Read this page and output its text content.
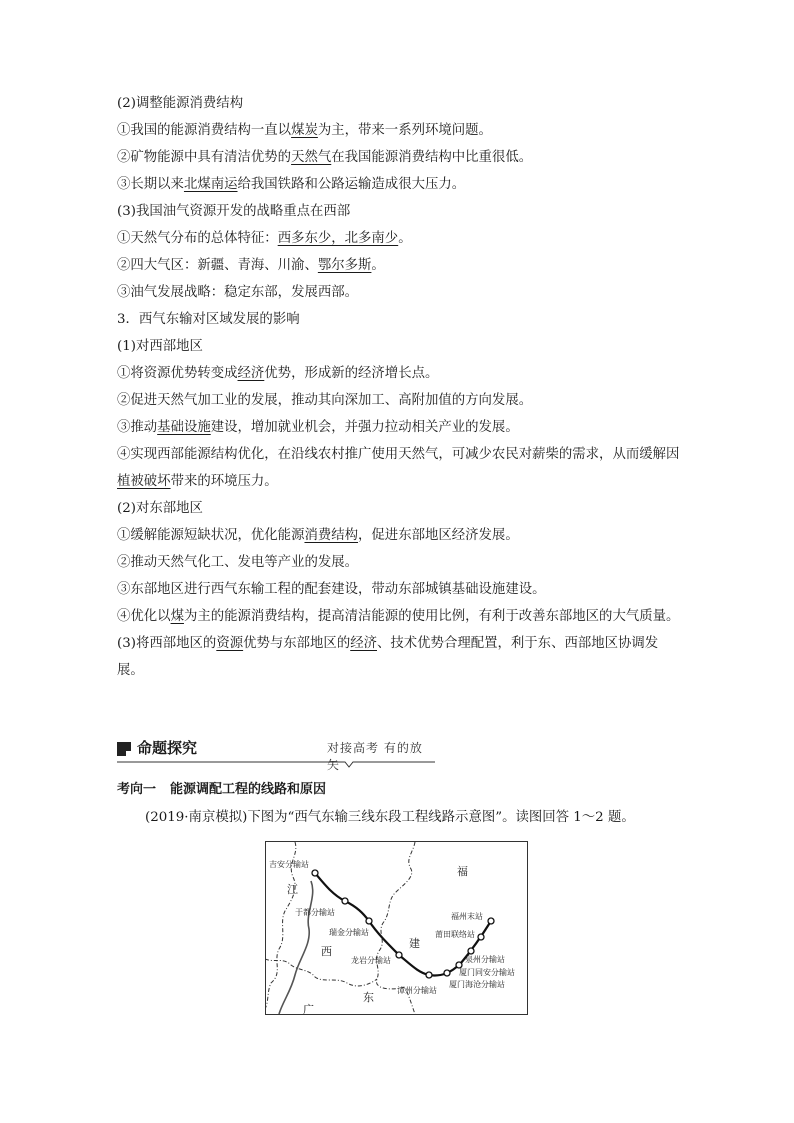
(2)调整能源消费结构

①我国的能源消费结构一直以煤炭为主，带来一系列环境问题。

②矿物能源中具有清洁优势的天然气在我国能源消费结构中比重很低。

③长期以来北煤南运给我国铁路和公路运输造成很大压力。

(3)我国油气资源开发的战略重点在西部

①天然气分布的总体特征：西多东少，北多南少。

②四大气区：新疆、青海、川渝、鄂尔多斯。

③油气发展战略：稳定东部，发展西部。

3．西气东输对区域发展的影响

(1)对西部地区

①将资源优势转变成经济优势，形成新的经济增长点。

②促进天然气加工业的发展，推动其向深加工、高附加值的方向发展。

③推动基础设施建设，增加就业机会，并强力拉动相关产业的发展。

④实现西部能源结构优化，在沿线农村推广使用天然气，可减少农民对薪柴的需求，从而缓解因植被破坏带来的环境压力。

(2)对东部地区

①缓解能源短缺状况，优化能源消费结构，促进东部地区经济发展。

②推动天然气化工、发电等产业的发展。

③东部地区进行西气东输工程的配套建设，带动东部城镇基础设施建设。

④优化以煤为主的能源消费结构，提高清洁能源的使用比例，有利于改善东部地区的大气质量。

(3)将西部地区的资源优势与东部地区的经济、技术优势合理配置，利于东、西部地区协调发展。

命题探究	对接高考 有的放矢
考向一 能源调配工程的线路和原因
(2019·南京模拟)下图为“西气东输三线东段工程线路示意图”。读图回答 1～2 题。
江
西
福
建
广
东
吉安分输站
于都分输站
瑞金分输站
龙岩分输站
漳州分输站
厦门海沧分输站
厦门同安分输站
泉州分输站
莆田联络站
福州末站
